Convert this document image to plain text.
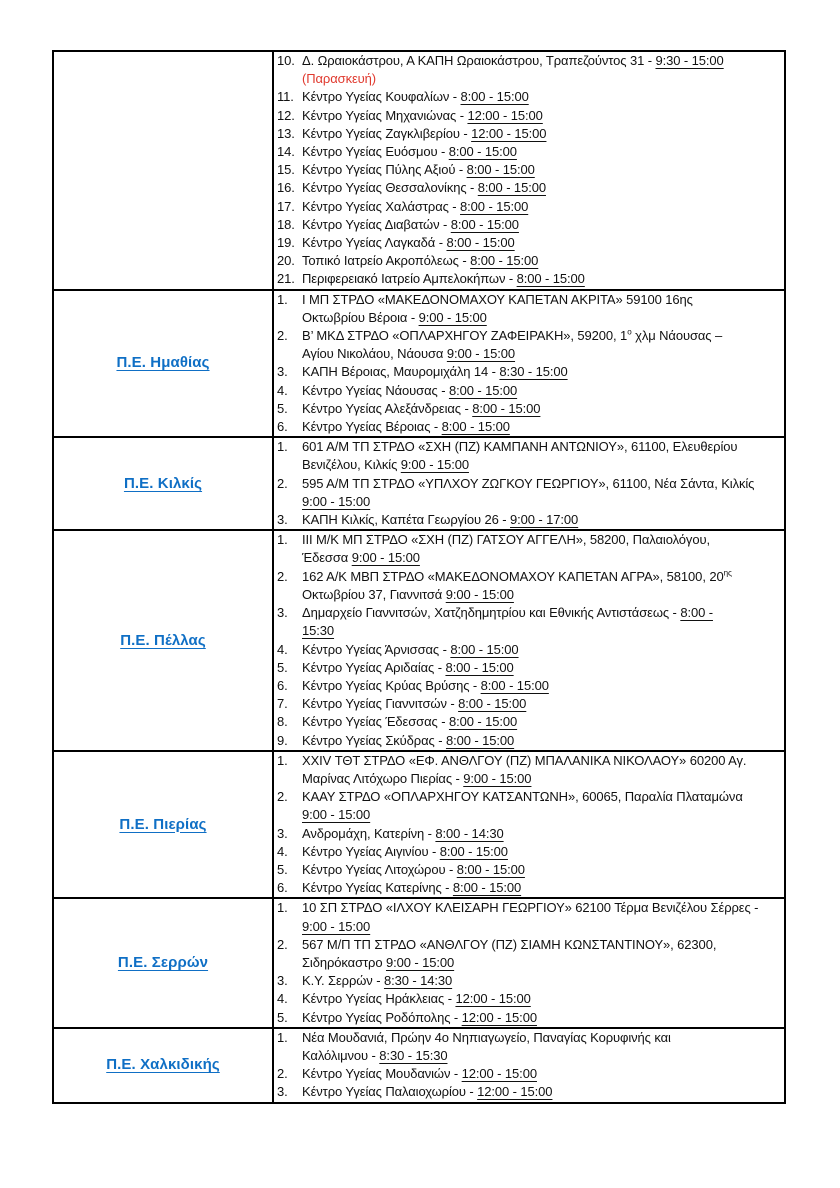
10. Δ. Ωραιοκάστρου, Α ΚΑΠΗ Ωραιοκάστρου, Τραπεζούντος 31 - 9:30 - 15:00
(Παρασκευή)
11. Κέντρο Υγείας Κουφαλίων - 8:00 - 15:00
12. Κέντρο Υγείας Μηχανιώνας - 12:00 - 15:00
13. Κέντρο Υγείας Ζαγκλιβερίου - 12:00 - 15:00
14. Κέντρο Υγείας Ευόσμου - 8:00 - 15:00
15. Κέντρο Υγείας Πύλης Αξιού - 8:00 - 15:00
16. Κέντρο Υγείας Θεσσαλονίκης - 8:00 - 15:00
17. Κέντρο Υγείας Χαλάστρας - 8:00 - 15:00
18. Κέντρο Υγείας Διαβατών - 8:00 - 15:00
19. Κέντρο Υγείας Λαγκαδά - 8:00 - 15:00
20. Τοπικό Ιατρείο Ακροπόλεως - 8:00 - 15:00
21. Περιφερειακό Ιατρείο Αμπελοκήπων - 8:00 - 15:00

Π.Ε. Ημαθίας	
1.	Ι ΜΠ ΣΤΡΔΟ «ΜΑΚΕΔΟΝΟΜΑΧΟΥ ΚΑΠΕΤΑΝ ΑΚΡΙΤΑ» 59100 16ης
Οκτωβρίου Βέροια - 9:00 - 15:00
2.	Β’ ΜΚΔ ΣΤΡΔΟ «ΟΠΛΑΡΧΗΓΟΥ ΖΑΦΕΙΡΑΚΗ», 59200, $1^o$ χλμ Νάουσας –
Αγίου Νικολάου, Νάουσα 9:00 - 15:00
3.	ΚΑΠΗ Βέροιας, Μαυρομιχάλη 14 - 8:30 - 15:00
4.	Κέντρο Υγείας Νάουσας - 8:00 - 15:00
5.	Κέντρο Υγείας Αλεξάνδρειας - 8:00 - 15:00
6.	Κέντρο Υγείας Βέροιας - 8:00 - 15:00

Π.Ε. Κιλκίς	
1.	601 Α/Μ ΤΠ ΣΤΡΔΟ «ΣΧΗ (ΠΖ) ΚΑΜΠΑΝΗ ΑΝΤΩΝΙΟΥ», 61100, Ελευθερίου
Βενιζέλου, Κιλκίς 9:00 - 15:00
2.	595 Α/Μ ΤΠ ΣΤΡΔΟ «ΥΠΛΧΟΥ ΖΩΓΚΟΥ ΓΕΩΡΓΙΟΥ», 61100, Νέα Σάντα, Κιλκίς
9:00 - 15:00
3.	ΚΑΠΗ Κιλκίς, Καπέτα Γεωργίου 26 - 9:00 - 17:00

Π.Ε. Πέλλας	
1.	ΙΙΙ Μ/Κ ΜΠ ΣΤΡΔΟ «ΣΧΗ (ΠΖ) ΓΑΤΣΟΥ ΑΓΓΕΛΗ», 58200, Παλαιολόγου,
Έδεσσα 9:00 - 15:00
2.	162 Α/Κ ΜΒΠ ΣΤΡΔΟ «ΜΑΚΕΔΟΝΟΜΑΧΟΥ ΚΑΠΕΤΑΝ ΑΓΡΑ», 58100, $20^{\eta\varsigma}$
Οκτωβρίου 37, Γιαννιτσά 9:00 - 15:00
3.	Δημαρχείο Γιαννιτσών, Χατζηδημητρίου και Εθνικής Αντιστάσεως - 8:00 -
15:30
4.	Κέντρο Υγείας Άρνισσας - 8:00 - 15:00
5.	Κέντρο Υγείας Αριδαίας - 8:00 - 15:00
6.	Κέντρο Υγείας Κρύας Βρύσης - 8:00 - 15:00
7.	Κέντρο Υγείας Γιαννιτσών - 8:00 - 15:00
8.	Κέντρο Υγείας Έδεσσας - 8:00 - 15:00
9.	Κέντρο Υγείας Σκύδρας - 8:00 - 15:00

Π.Ε. Πιερίας	
1.	XXIV ΤΘΤ ΣΤΡΔΟ «ΕΦ. ΑΝΘΛΓΟΥ (ΠΖ) ΜΠΑΛΑΝΙΚΑ ΝΙΚΟΛΑΟΥ» 60200 Αγ.
Μαρίνας Λιτόχωρο Πιερίας - 9:00 - 15:00
2.	ΚΑΑΥ ΣΤΡΔΟ «ΟΠΛΑΡΧΗΓΟΥ ΚΑΤΣΑΝΤΩΝΗ», 60065, Παραλία Πλαταμώνα
9:00 - 15:00
3.	Ανδρομάχη, Κατερίνη - 8:00 - 14:30
4.	Κέντρο Υγείας Αιγινίου - 8:00 - 15:00
5.	Κέντρο Υγείας Λιτοχώρου - 8:00 - 15:00
6.	Κέντρο Υγείας Κατερίνης - 8:00 - 15:00

Π.Ε. Σερρών	
1.	10 ΣΠ ΣΤΡΔΟ «ΙΛΧΟΥ ΚΛΕΙΣΑΡΗ ΓΕΩΡΓΙΟΥ» 62100 Τέρμα Βενιζέλου Σέρρες -
9:00 - 15:00
2.	567 Μ/Π ΤΠ ΣΤΡΔΟ «ΑΝΘΛΓΟΥ (ΠΖ) ΣΙΑΜΗ ΚΩΝΣΤΑΝΤΙΝΟΥ», 62300,
Σιδηρόκαστρο 9:00 - 15:00
3.	Κ.Υ. Σερρών - 8:30 - 14:30
4.	Κέντρο Υγείας Ηράκλειας - 12:00 - 15:00
5.	Κέντρο Υγείας Ροδόπολης - 12:00 - 15:00

Π.Ε. Χαλκιδικής	
1.	Νέα Μουδανιά, Πρώην 4ο Νηπιαγωγείο, Παναγίας Κορυφινής και
Καλόλιμνου - 8:30 - 15:30
2.	Κέντρο Υγείας Μουδανιών - 12:00 - 15:00
3.	Κέντρο Υγείας Παλαιοχωρίου - 12:00 - 15:00
